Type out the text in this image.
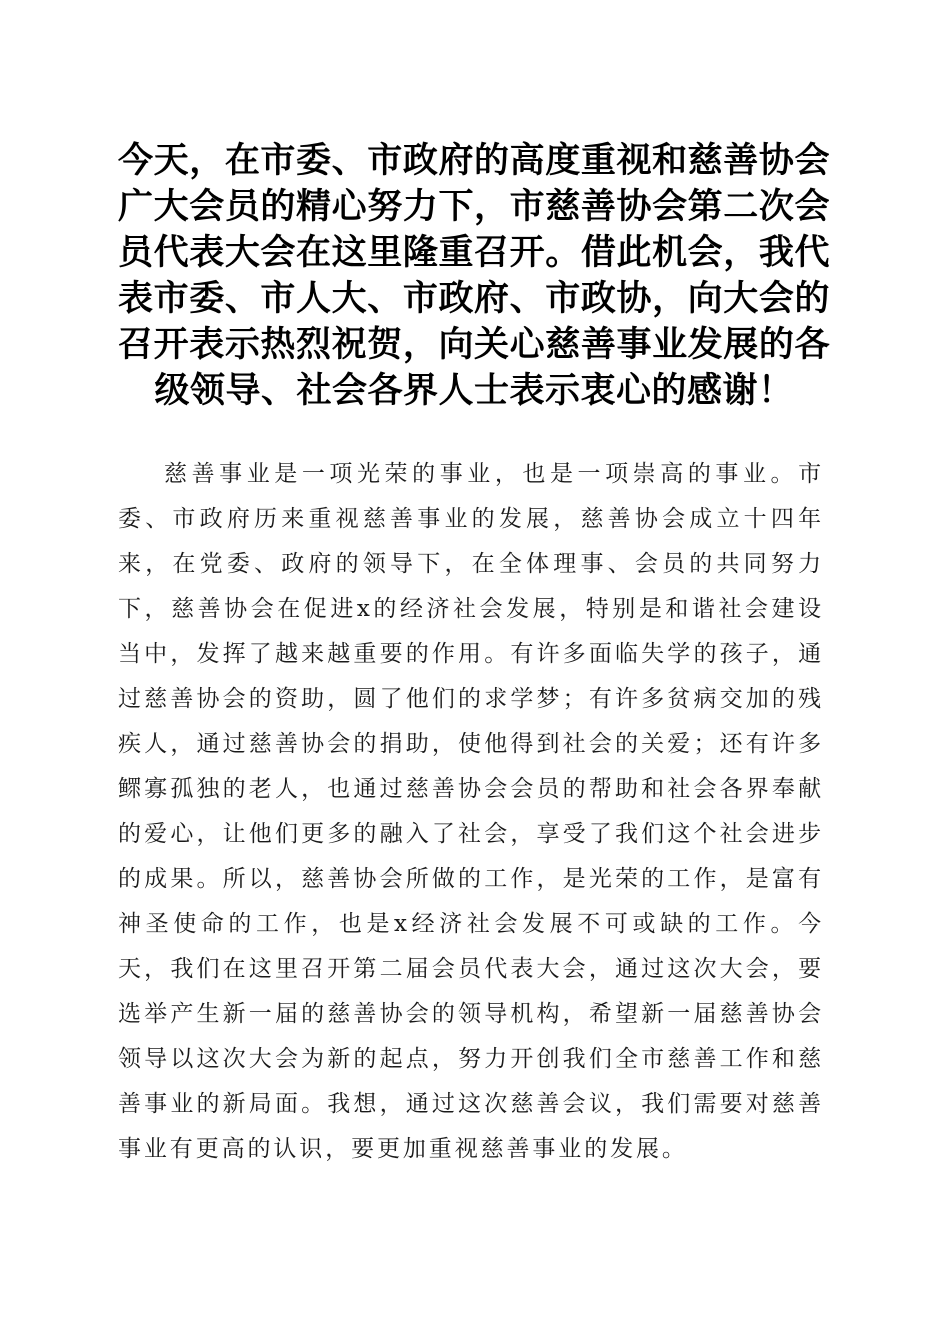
今天，在市委、市政府的高度重视和慈善协会广大会员的精心努力下，市慈善协会第二次会员代表大会在这里隆重召开。借此机会，我代表市委、市人大、市政府、市政协，向大会的召开表示热烈祝贺，向关心慈善事业发展的各级领导、社会各界人士表示衷心的感谢！

慈善事业是一项光荣的事业，也是一项崇高的事业。市委、市政府历来重视慈善事业的发展，慈善协会成立十四年来，在党委、政府的领导下，在全体理事、会员的共同努力下，慈善协会在促进x的经济社会发展，特别是和谐社会建设当中，发挥了越来越重要的作用。有许多面临失学的孩子，通过慈善协会的资助，圆了他们的求学梦；有许多贫病交加的残疾人，通过慈善协会的捐助，使他得到社会的关爱；还有许多鳏寡孤独的老人，也通过慈善协会会员的帮助和社会各界奉献的爱心，让他们更多的融入了社会，享受了我们这个社会进步的成果。所以，慈善协会所做的工作，是光荣的工作，是富有神圣使命的工作，也是x经济社会发展不可或缺的工作。今天，我们在这里召开第二届会员代表大会，通过这次大会，要选举产生新一届的慈善协会的领导机构，希望新一届慈善协会领导以这次大会为新的起点，努力开创我们全市慈善工作和慈善事业的新局面。我想，通过这次慈善会议，我们需要对慈善事业有更高的认识，要更加重视慈善事业的发展。
